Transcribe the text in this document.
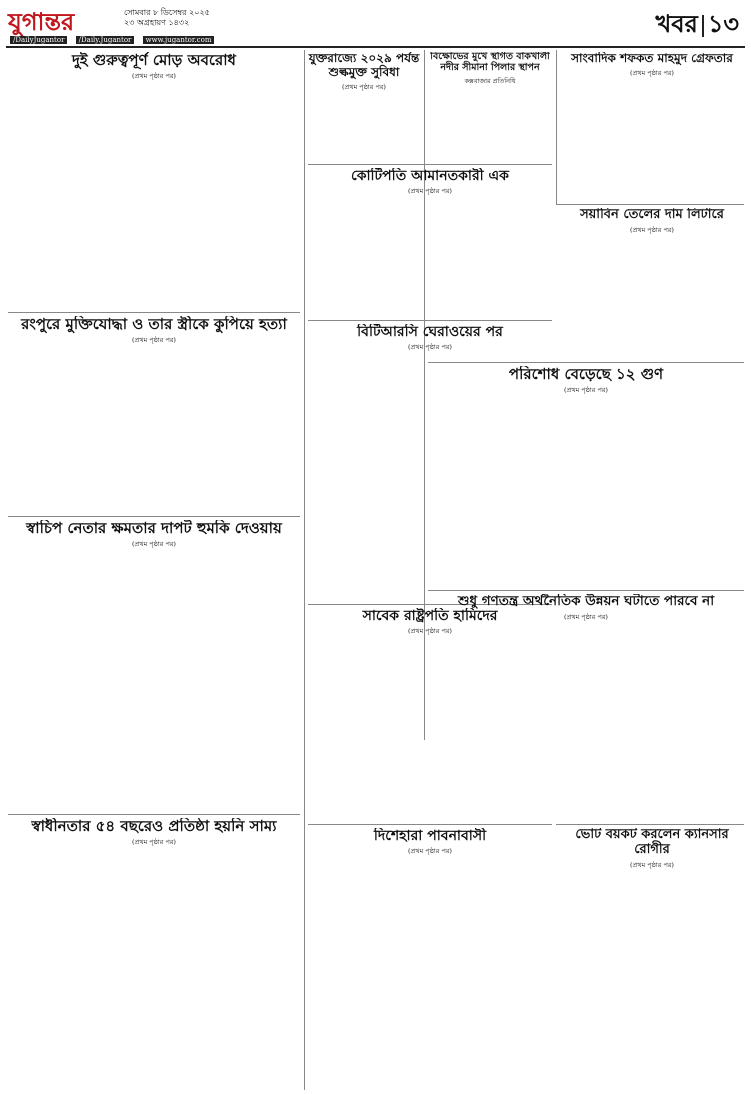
যুগান্তর	সোমবার ৮ ডিসেম্বর ২০২৫
২৩ অগ্রহায়ণ ১৪৩২
/DailyJugantor /Daily.Jugantor www.jugantor.com
খবর ১৩
দুই গুরুত্বপূর্ণ মোড় অবরোধ
(প্রথম পৃষ্ঠার পর)
রংপুরে মুক্তিযোদ্ধা ও তার স্ত্রীকে কুপিয়ে হত্যা
(প্রথম পৃষ্ঠার পর)
স্বাচিপ নেতার ক্ষমতার দাপট হুমকি দেওয়ায়
(প্রথম পৃষ্ঠার পর)
স্বাধীনতার ৫৪ বছরেও প্রতিষ্ঠা হয়নি সাম্য
(প্রথম পৃষ্ঠার পর)
যুক্তরাজ্যে ২০২৯ পর্যন্ত শুল্কমুক্ত সুবিধা
(প্রথম পৃষ্ঠার পর)
কোটিপতি আমানতকারী এক
(প্রথম পৃষ্ঠার পর)
বিটিআরসি ঘেরাওয়ের পর
(প্রথম পৃষ্ঠার পর)
সাবেক রাষ্ট্রপতি হামিদের
(প্রথম পৃষ্ঠার পর)
দিশেহারা পাবনাবাসী
(প্রথম পৃষ্ঠার পর)
বিক্ষোভের মুখে স্থগিত বাঁকখালী নদীর সীমানা পিলার স্থাপন
কক্সবাজার প্রতিনিধি
সাংবাদিক শফকত মাহমুদ গ্রেফতার
(প্রথম পৃষ্ঠার পর)
সয়াবিন তেলের দাম লিটারে
(প্রথম পৃষ্ঠার পর)
পরিশোধ বেড়েছে ১২ গুণ
(প্রথম পৃষ্ঠার পর)
শুধু গণতন্ত্র অর্থনৈতিক উন্নয়ন ঘটাতে পারবে না
(প্রথম পৃষ্ঠার পর)
ভোট বয়কট করলেন ক্যানসার রোগীর
(প্রথম পৃষ্ঠার পর)
